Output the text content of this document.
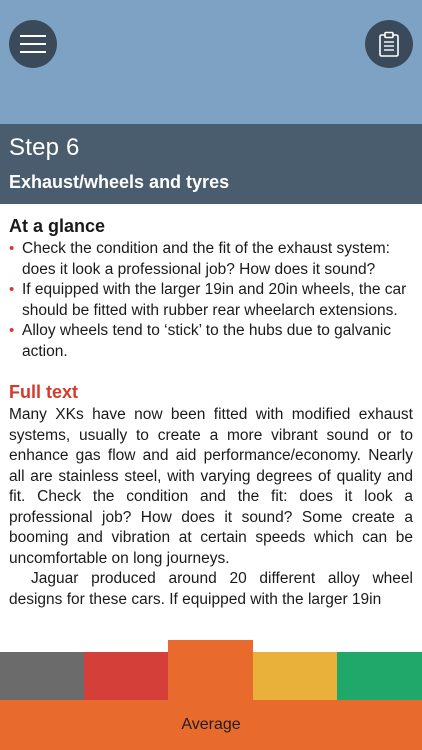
Step 6
Exhaust/wheels and tyres
At a glance
• Check the condition and the fit of the exhaust system: does it look a professional job? How does it sound?
• If equipped with the larger 19in and 20in wheels, the car should be fitted with rubber rear wheelarch extensions.
• Alloy wheels tend to ‘stick’ to the hubs due to galvanic action.
Full text

Many XKs have now been fitted with modified exhaust systems, usually to create a more vibrant sound or to enhance gas flow and aid performance/economy. Nearly all are stainless steel, with varying degrees of quality and fit. Check the condition and the fit: does it look a professional job? How does it sound? Some create a booming and vibration at certain speeds which can be uncomfortable on long journeys.

Jaguar produced around 20 different alloy wheel designs for these cars. If equipped with the larger 19in

Average
